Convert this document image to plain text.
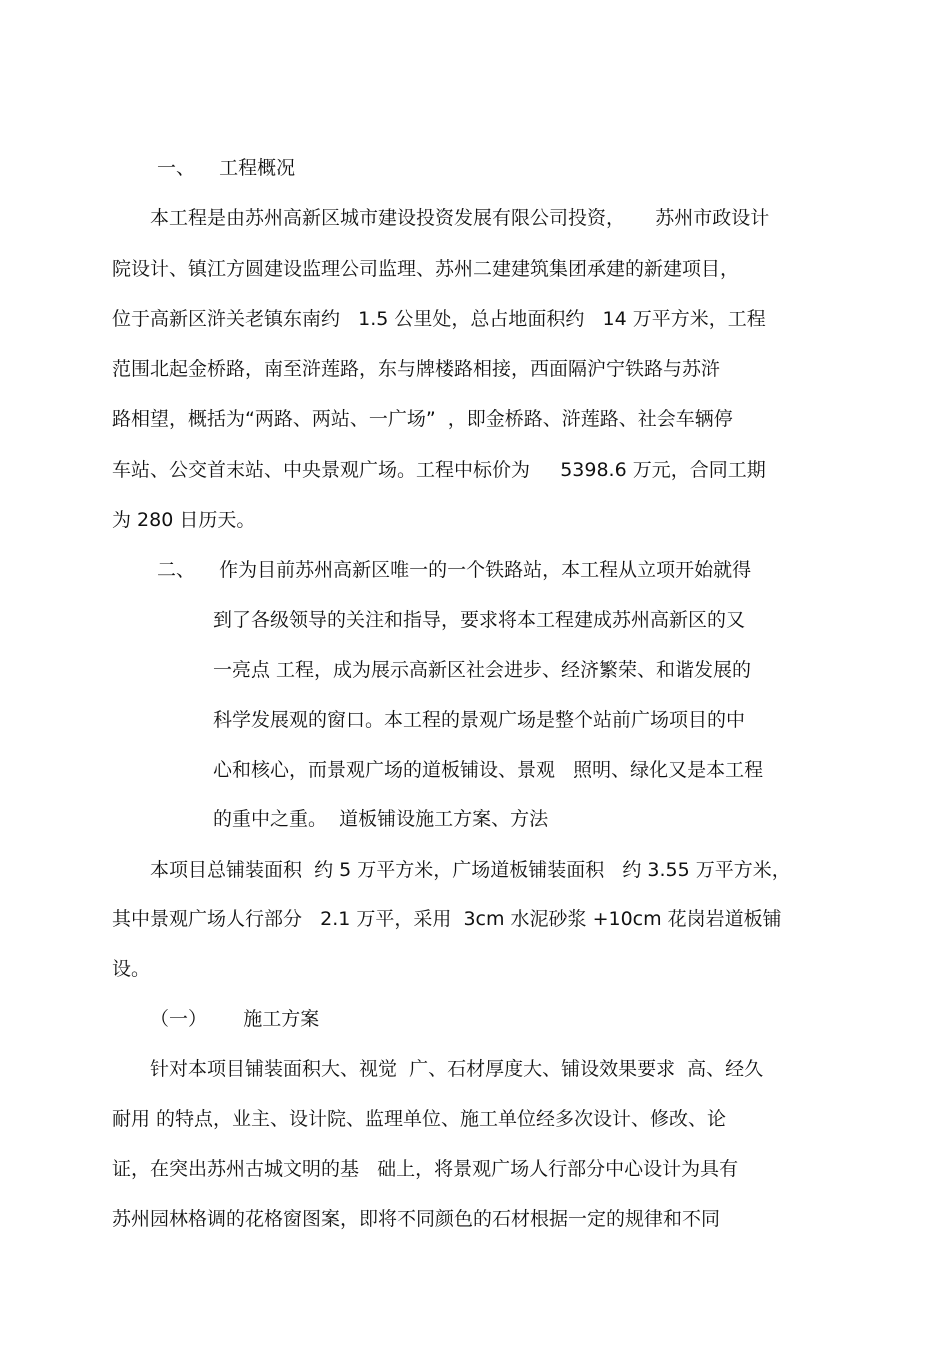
一、    工程概况

本工程是由苏州高新区城市建设投资发展有限公司投资，     苏州市政设计

院设计、镇江方圆建设监理公司监理、苏州二建建筑集团承建的新建项目，

位于高新区浒关老镇东南约   1.5 公里处，总占地面积约   14 万平方米，工程

范围北起金桥路，南至浒莲路，东与牌楼路相接，西面隔沪宁铁路与苏浒

路相望，概括为“两路、两站、一广场”  ，即金桥路、浒莲路、社会车辆停

车站、公交首末站、中央景观广场。工程中标价为     5398.6 万元，合同工期

为 280 日历天。

二、    作为目前苏州高新区唯一的一个铁路站，本工程从立项开始就得

到了各级领导的关注和指导，要求将本工程建成苏州高新区的又

一亮点 工程，成为展示高新区社会进步、经济繁荣、和谐发展的

科学发展观的窗口。本工程的景观广场是整个站前广场项目的中

心和核心，而景观广场的道板铺设、景观   照明、绿化又是本工程

的重中之重。  道板铺设施工方案、方法

本项目总铺装面积  约 5 万平方米，广场道板铺装面积   约 3.55 万平方米，

其中景观广场人行部分   2.1 万平，采用  3cm 水泥砂浆 +10cm 花岗岩道板铺

设。

（一）      施工方案

针对本项目铺装面积大、视觉  广、石材厚度大、铺设效果要求  高、经久

耐用 的特点，业主、设计院、监理单位、施工单位经多次设计、修改、论

证，在突出苏州古城文明的基   础上，将景观广场人行部分中心设计为具有

苏州园林格调的花格窗图案，即将不同颜色的石材根据一定的规律和不同
